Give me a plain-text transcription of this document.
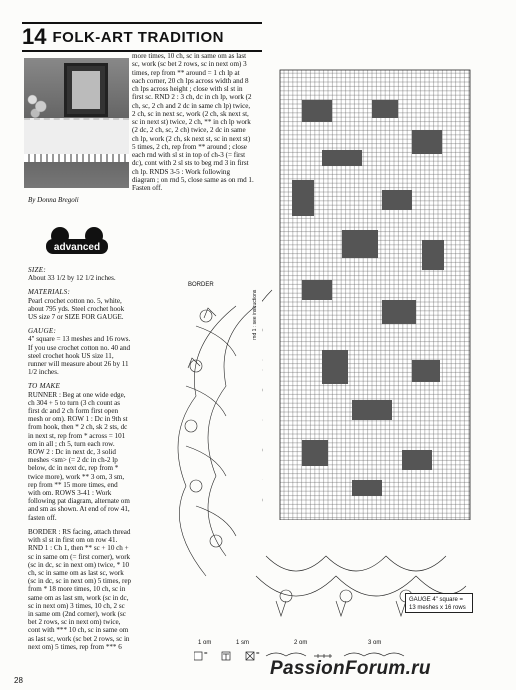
14 FOLK-ART TRADITION
By Donna Bregoli
advanced

SIZE:
About 33 1/2 by 12 1/2 inches.

MATERIALS:
Pearl crochet cotton no. 5, white, about 795 yds. Steel crochet hook US size 7 or SIZE FOR GAUGE.

GAUGE:
4" square = 13 meshes and 16 rows. If you use crochet cotton no. 40 and steel crochet hook US size 11, runner will measure about 26 by 11 1/2 inches.

TO MAKE
RUNNER : Beg at one wide edge, ch 304 + 5 to turn (3 ch count as first dc and 2 ch form first open mesh or om). ROW 1 : Dc in 9th st from hook, then * 2 ch, sk 2 sts, dc in next st, rep from * across = 101 om in all ; ch 5, turn each row. ROW 2 : Dc in next dc, 3 solid meshes <sm> (= 2 dc in ch-2 lp below, dc in next dc, rep from * twice more), work ** 3 om, 3 sm, rep from ** 15 more times, end with om. ROWS 3-41 : Work following pat diagram, alternate om and sm as shown. At end of row 41, fasten off.

BORDER : RS facing, attach thread with sl st in first om on row 41. RND 1 : Ch 1, then ** sc + 10 ch + sc in same om (= first corner), work (sc in dc, sc in next om) twice, * 10 ch, sc in same om as last sc, work (sc in dc, sc in next om) 5 times, rep from * 18 more times, 10 ch, sc in same om as last sm, work (sc in dc, sc in next om) 3 times, 10 ch, 2 sc in same om (2nd corner), work (sc bet 2 rows, sc in next om) twice, cont with *** 10 ch, sc in same om as last sc, work (sc bet 2 rows, sc in next om) 5 times, rep from *** 6

more times, 10 ch, sc in same om as last sc, work (sc bet 2 rows, sc in next om) 3 times, rep from ** around = 1 ch lp at each corner, 20 ch lps across width and 8 ch lps across height ; close with sl st in first sc. RND 2 : 3 ch, dc in ch lp, work (2 ch, sc, 2 ch and 2 dc in same ch lp) twice, 2 ch, sc in next sc, work (2 ch, sk next st, sc in next st) twice, 2 ch, ** in ch lp work (2 dc, 2 ch, sc, 2 ch) twice, 2 dc in same ch lp, work (2 ch, sk next st, sc in next st) 5 times, 2 ch, rep from ** around ; close each rnd with sl st in top of ch-3 (= first dc), cont with 2 sl sts to beg rnd 3 in first ch lp. RNDS 3-5 : Work following diagram ; on rnd 5, close same as on rnd 1. Fasten off.

BORDER
rnd 1 : see instructions
GAUGE 4" square = 13 meshes x 16 rows
1 om	1 sm	2 om	3 om
=	=
28
PassionForum.ru
